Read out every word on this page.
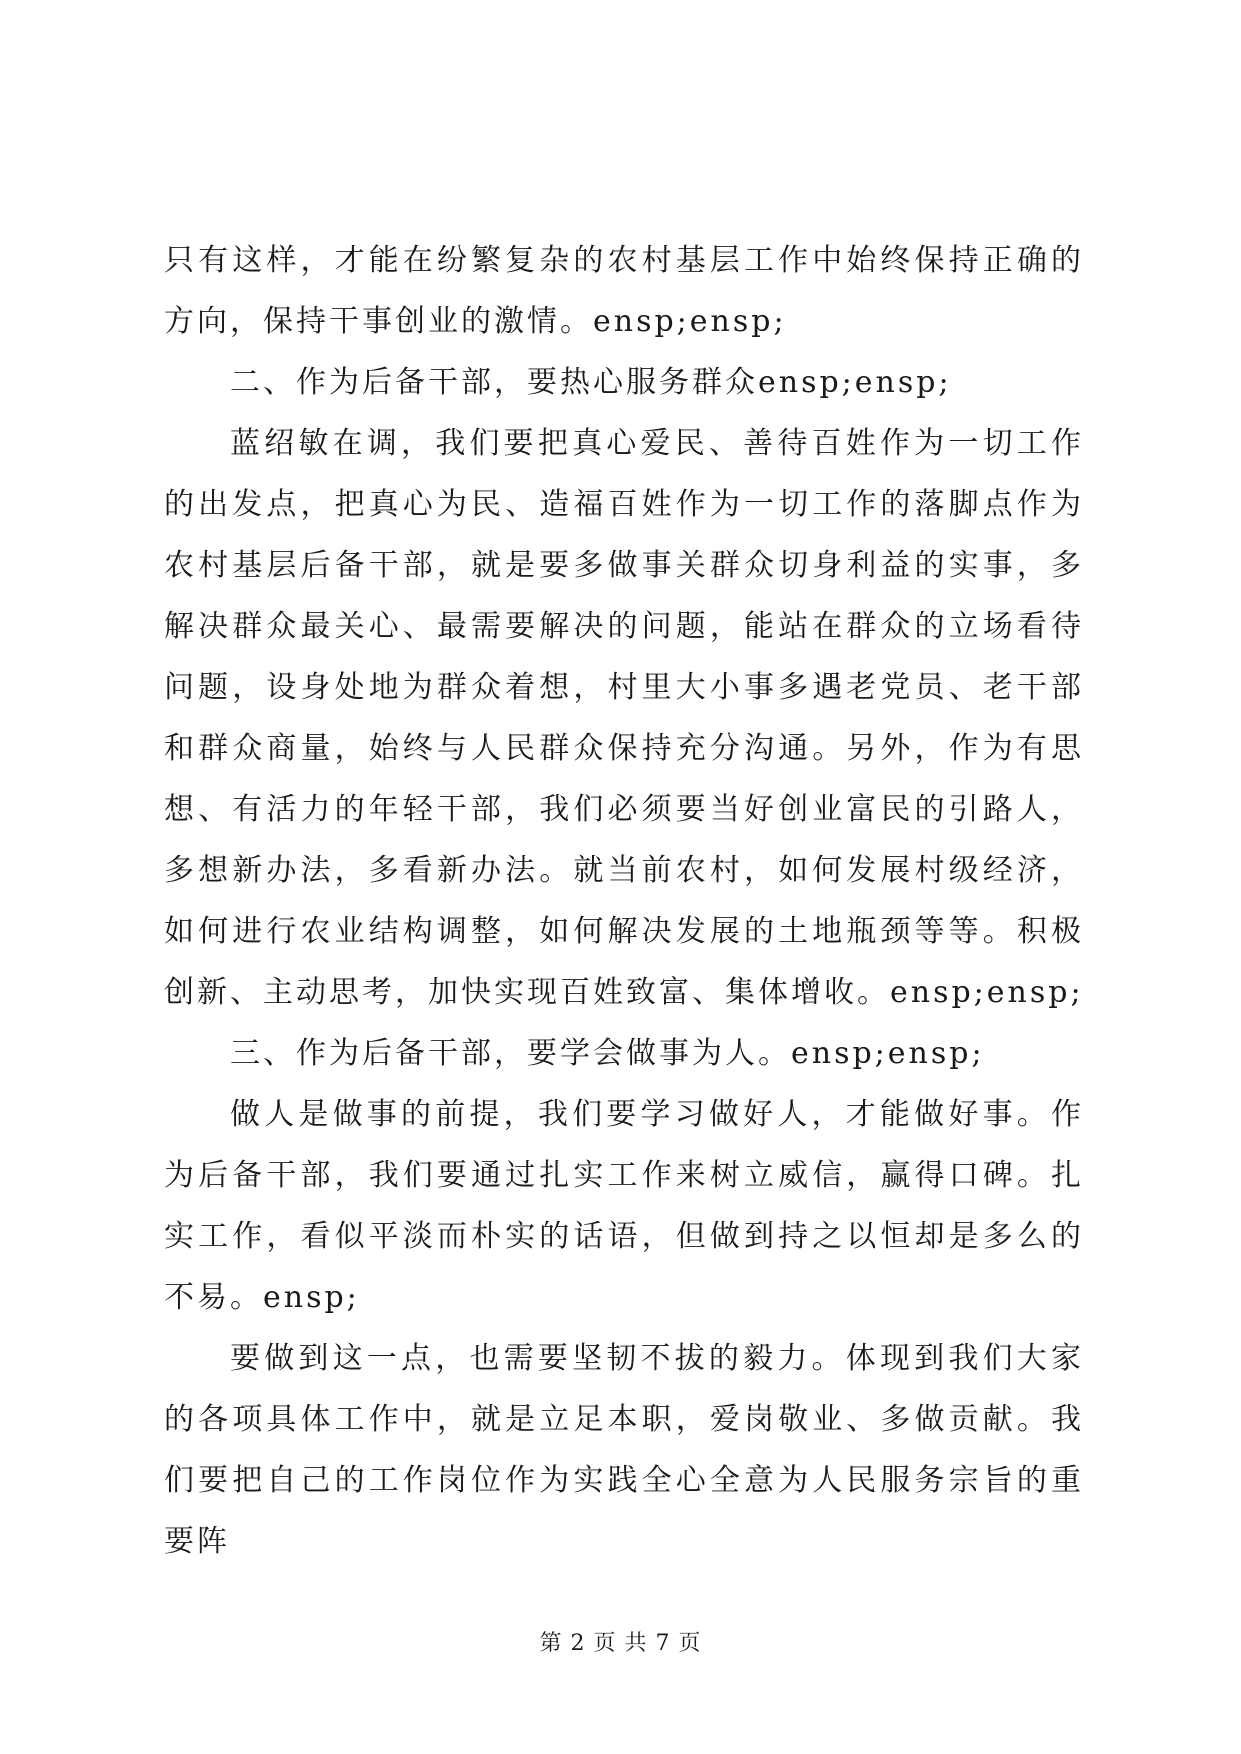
只有这样，才能在纷繁复杂的农村基层工作中始终保持正确的方向，保持干事创业的激情。ensp;ensp;

二、作为后备干部，要热心服务群众ensp;ensp;

蓝绍敏在调，我们要把真心爱民、善待百姓作为一切工作的出发点，把真心为民、造福百姓作为一切工作的落脚点作为农村基层后备干部，就是要多做事关群众切身利益的实事，多解决群众最关心、最需要解决的问题，能站在群众的立场看待问题，设身处地为群众着想，村里大小事多遇老党员、老干部和群众商量，始终与人民群众保持充分沟通。另外，作为有思想、有活力的年轻干部，我们必须要当好创业富民的引路人，多想新办法，多看新办法。就当前农村，如何发展村级经济，如何进行农业结构调整，如何解决发展的土地瓶颈等等。积极创新、主动思考，加快实现百姓致富、集体增收。ensp;ensp;

三、作为后备干部，要学会做事为人。ensp;ensp;

做人是做事的前提，我们要学习做好人，才能做好事。作为后备干部，我们要通过扎实工作来树立威信，赢得口碑。扎实工作，看似平淡而朴实的话语，但做到持之以恒却是多么的不易。ensp;

要做到这一点，也需要坚韧不拔的毅力。体现到我们大家的各项具体工作中，就是立足本职，爱岗敬业、多做贡献。我们要把自己的工作岗位作为实践全心全意为人民服务宗旨的重要阵

第 2 页 共 7 页
